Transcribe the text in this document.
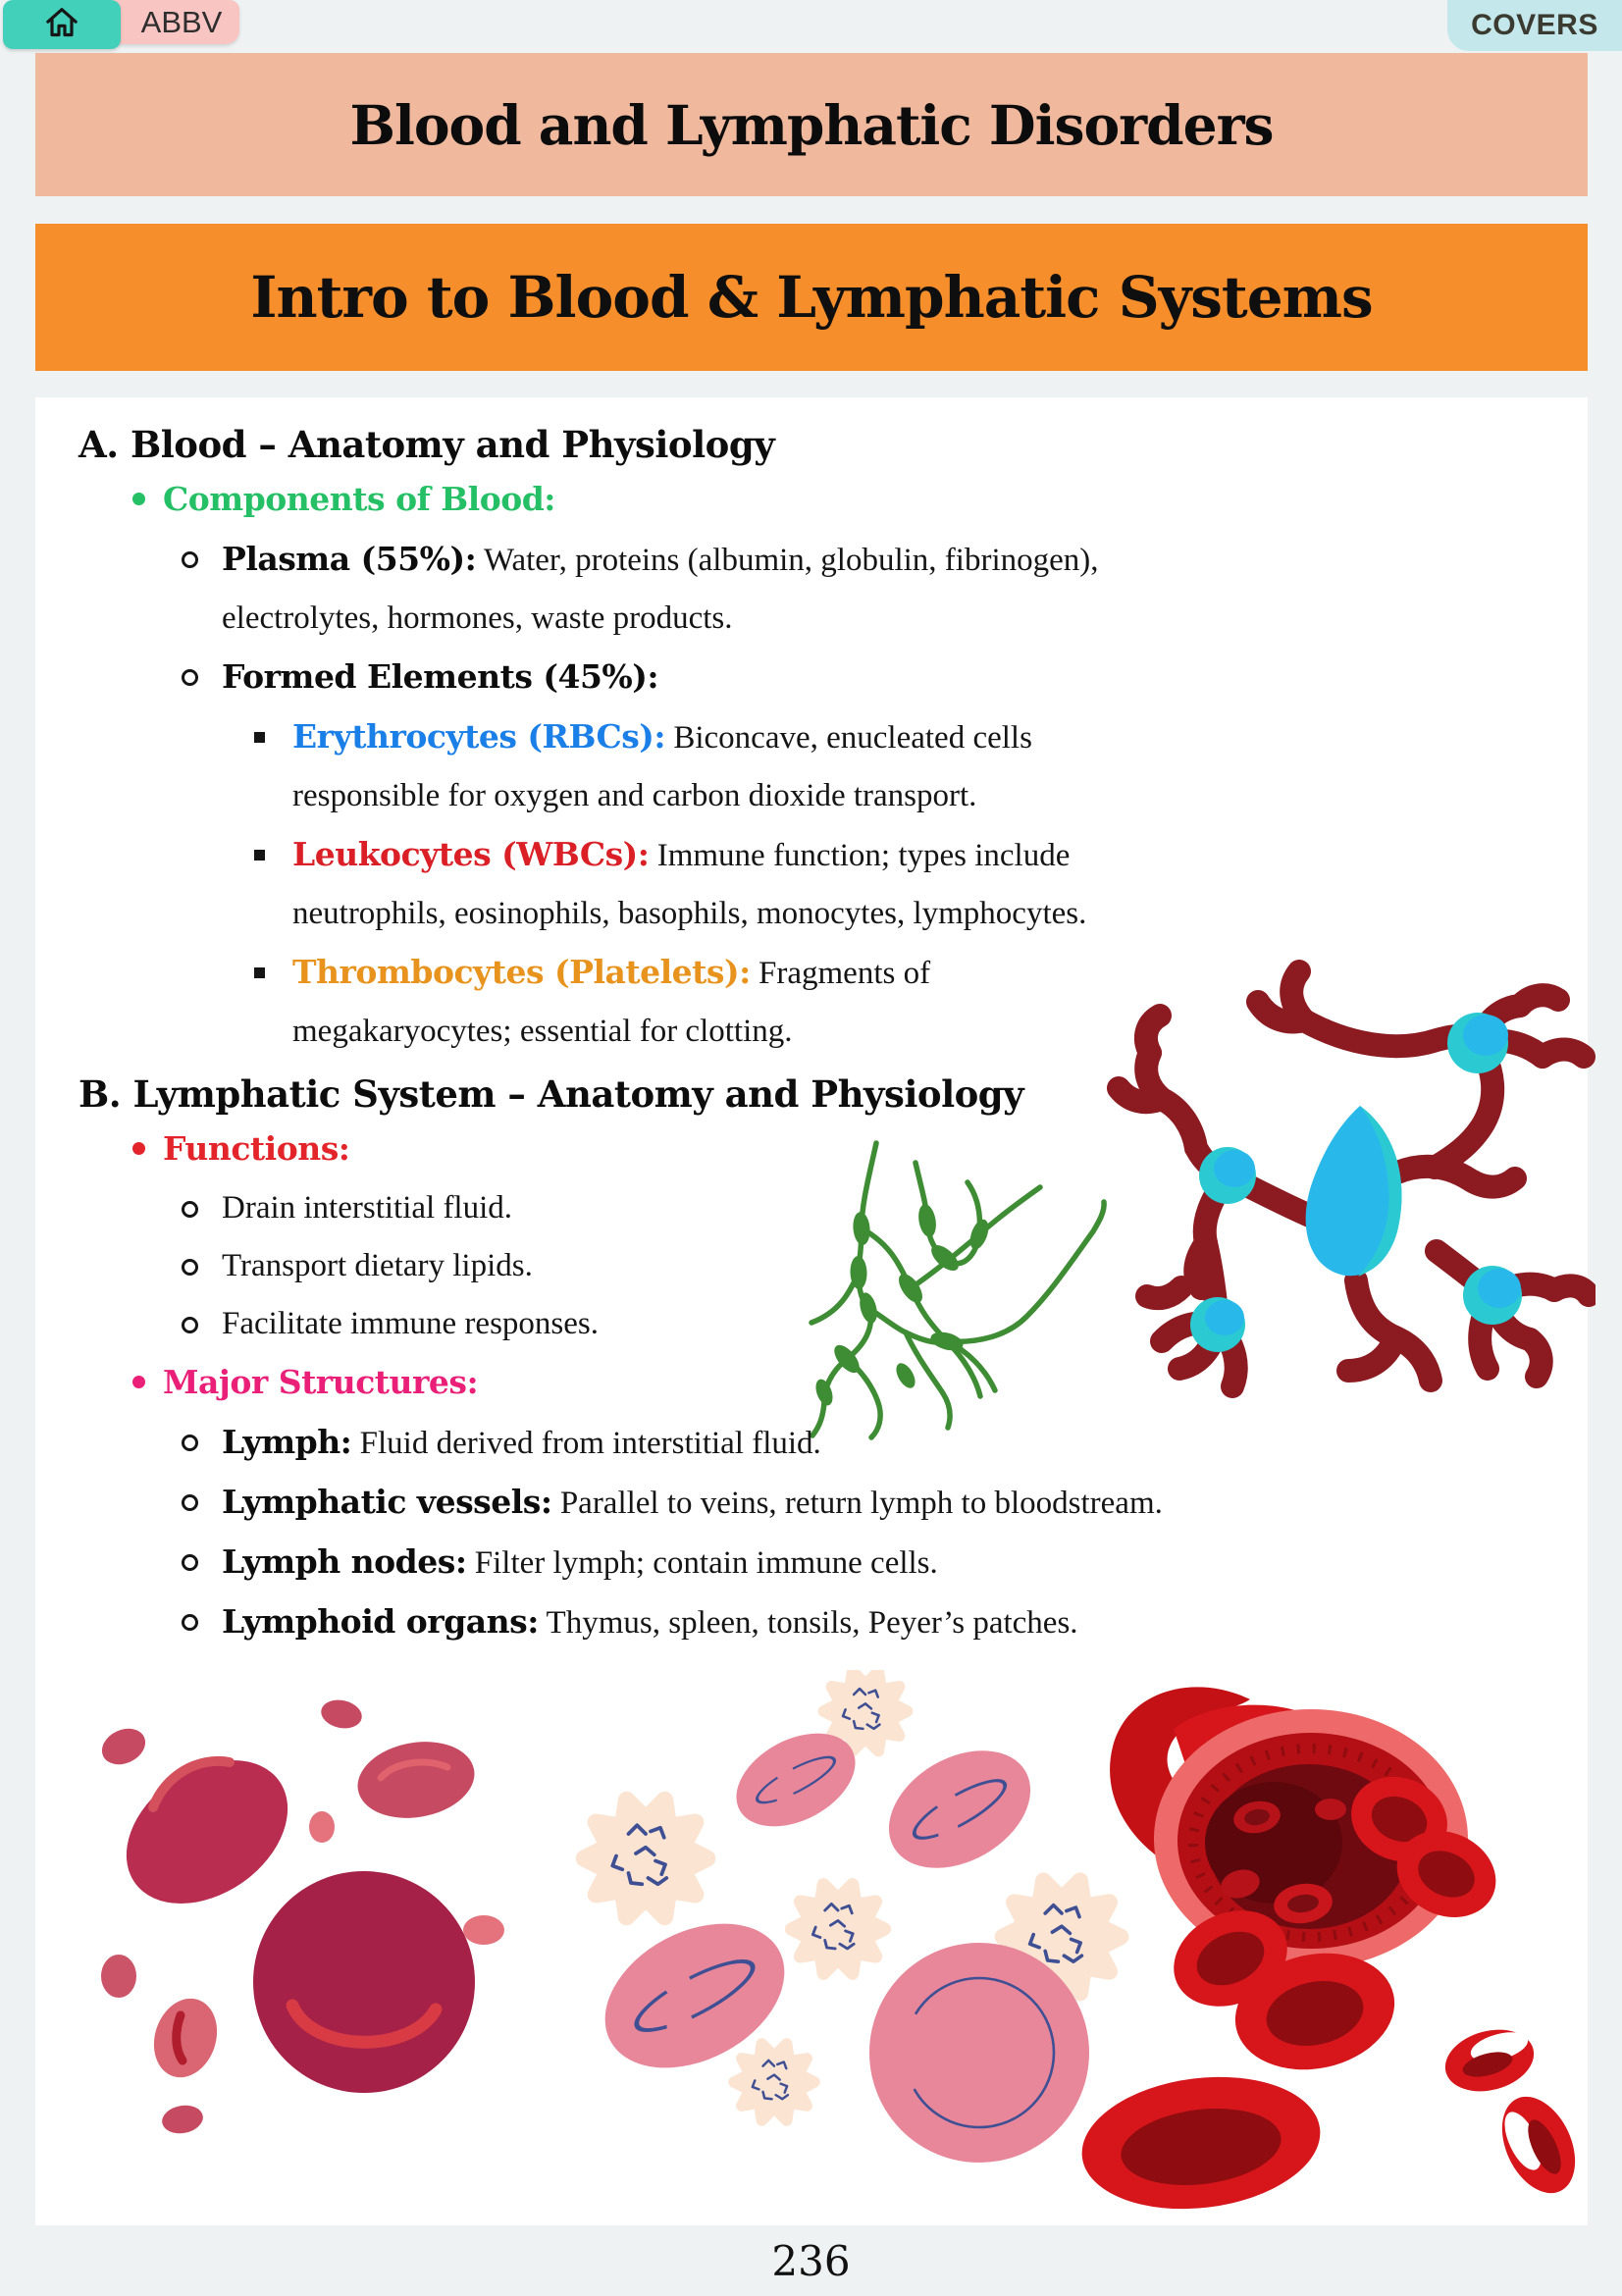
ABBV	COVERS
Blood and Lymphatic Disorders
Intro to Blood & Lymphatic Systems
A. Blood – Anatomy and Physiology
Components of Blood:
Plasma (55%): Water, proteins (albumin, globulin, fibrinogen), electrolytes, hormones, waste products.
Formed Elements (45%):
Erythrocytes (RBCs): Biconcave, enucleated cells responsible for oxygen and carbon dioxide transport.
Leukocytes (WBCs): Immune function; types include neutrophils, eosinophils, basophils, monocytes, lymphocytes.
Thrombocytes (Platelets): Fragments of megakaryocytes; essential for clotting.
B. Lymphatic System – Anatomy and Physiology
Functions:
Drain interstitial fluid.
Transport dietary lipids.
Facilitate immune responses.
Major Structures:
Lymph: Fluid derived from interstitial fluid.
Lymphatic vessels: Parallel to veins, return lymph to bloodstream.
Lymph nodes: Filter lymph; contain immune cells.
Lymphoid organs: Thymus, spleen, tonsils, Peyer’s patches.
236
